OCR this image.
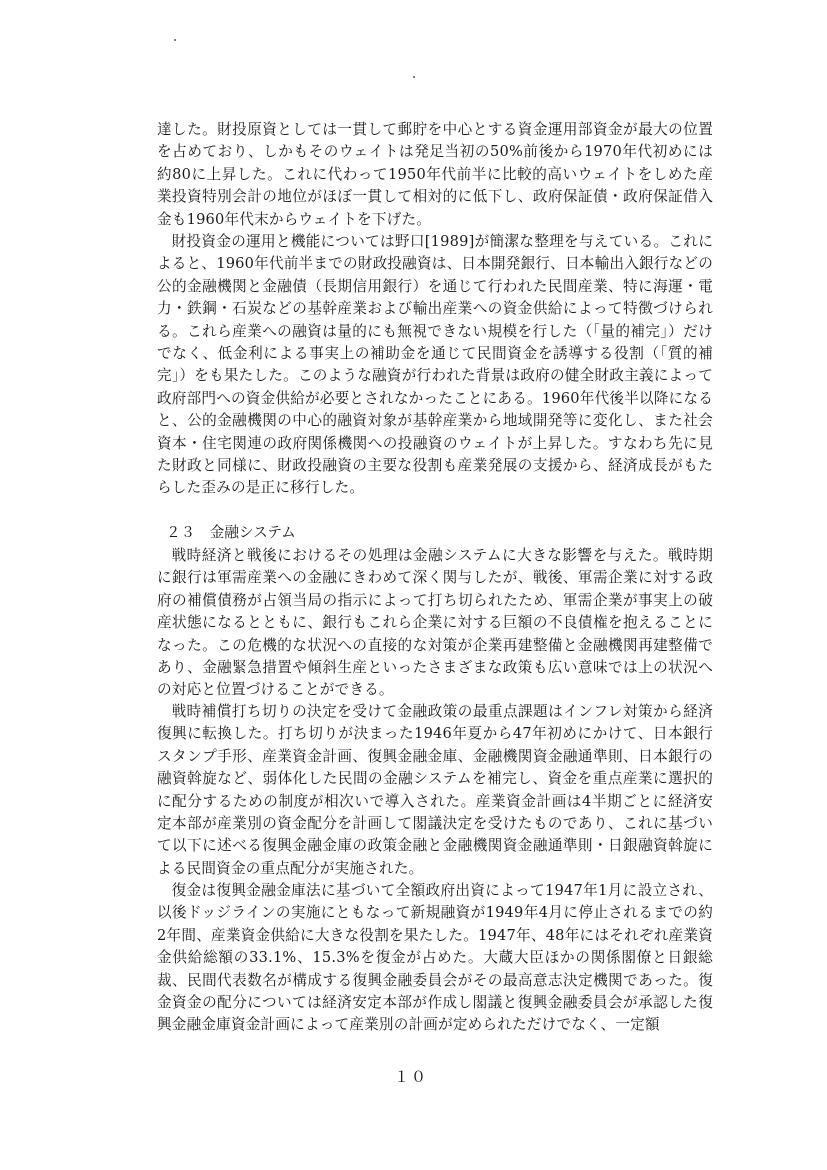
達した。財投原資としては一貫して郵貯を中心とする資金運用部資金が最大の位置を占めており、しかもそのウェイトは発足当初の50%前後から1970年代初めには約80に上昇した。これに代わって1950年代前半に比較的高いウェイトをしめた産業投資特別会計の地位がほぼ一貫して相対的に低下し、政府保証債・政府保証借入金も1960年代末からウェイトを下げた。

財投資金の運用と機能については野口[1989]が簡潔な整理を与えている。これによると、1960年代前半までの財政投融資は、日本開発銀行、日本輸出入銀行などの公的金融機関と金融債（長期信用銀行）を通じて行われた民間産業、特に海運・電力・鉄鋼・石炭などの基幹産業および輸出産業への資金供給によって特徴づけられる。これら産業への融資は量的にも無視できない規模を行した（「量的補完」）だけでなく、低金利による事実上の補助金を通じて民間資金を誘導する役割（「質的補完」）をも果たした。このような融資が行われた背景は政府の健全財政主義によって政府部門への資金供給が必要とされなかったことにある。1960年代後半以降になると、公的金融機関の中心的融資対象が基幹産業から地域開発等に変化し、また社会資本・住宅関連の政府関係機関への投融資のウェイトが上昇した。すなわち先に見た財政と同様に、財政投融資の主要な役割も産業発展の支援から、経済成長がもたらした歪みの是正に移行した。

２３　金融システム

戦時経済と戦後におけるその処理は金融システムに大きな影響を与えた。戦時期に銀行は軍需産業への金融にきわめて深く関与したが、戦後、軍需企業に対する政府の補償債務が占領当局の指示によって打ち切られたため、軍需企業が事実上の破産状態になるとともに、銀行もこれら企業に対する巨額の不良債権を抱えることになった。この危機的な状況への直接的な対策が企業再建整備と金融機関再建整備であり、金融緊急措置や傾斜生産といったさまざまな政策も広い意味では上の状況への対応と位置づけることができる。

戦時補償打ち切りの決定を受けて金融政策の最重点課題はインフレ対策から経済復興に転換した。打ち切りが決まった1946年夏から47年初めにかけて、日本銀行スタンプ手形、産業資金計画、復興金融金庫、金融機関資金融通準則、日本銀行の融資斡旋など、弱体化した民間の金融システムを補完し、資金を重点産業に選択的に配分するための制度が相次いで導入された。産業資金計画は4半期ごとに経済安定本部が産業別の資金配分を計画して閣議決定を受けたものであり、これに基づいて以下に述べる復興金融金庫の政策金融と金融機関資金融通準則・日銀融資斡旋による民間資金の重点配分が実施された。

復金は復興金融金庫法に基づいて全額政府出資によって1947年1月に設立され、以後ドッジラインの実施にともなって新規融資が1949年4月に停止されるまでの約2年間、産業資金供給に大きな役割を果たした。1947年、48年にはそれぞれ産業資金供給総額の33.1%、15.3%を復金が占めた。大蔵大臣ほかの関係閣僚と日銀総裁、民間代表数名が構成する復興金融委員会がその最高意志決定機関であった。復金資金の配分については経済安定本部が作成し閣議と復興金融委員会が承認した復興金融金庫資金計画によって産業別の計画が定められただけでなく、一定額

１０
